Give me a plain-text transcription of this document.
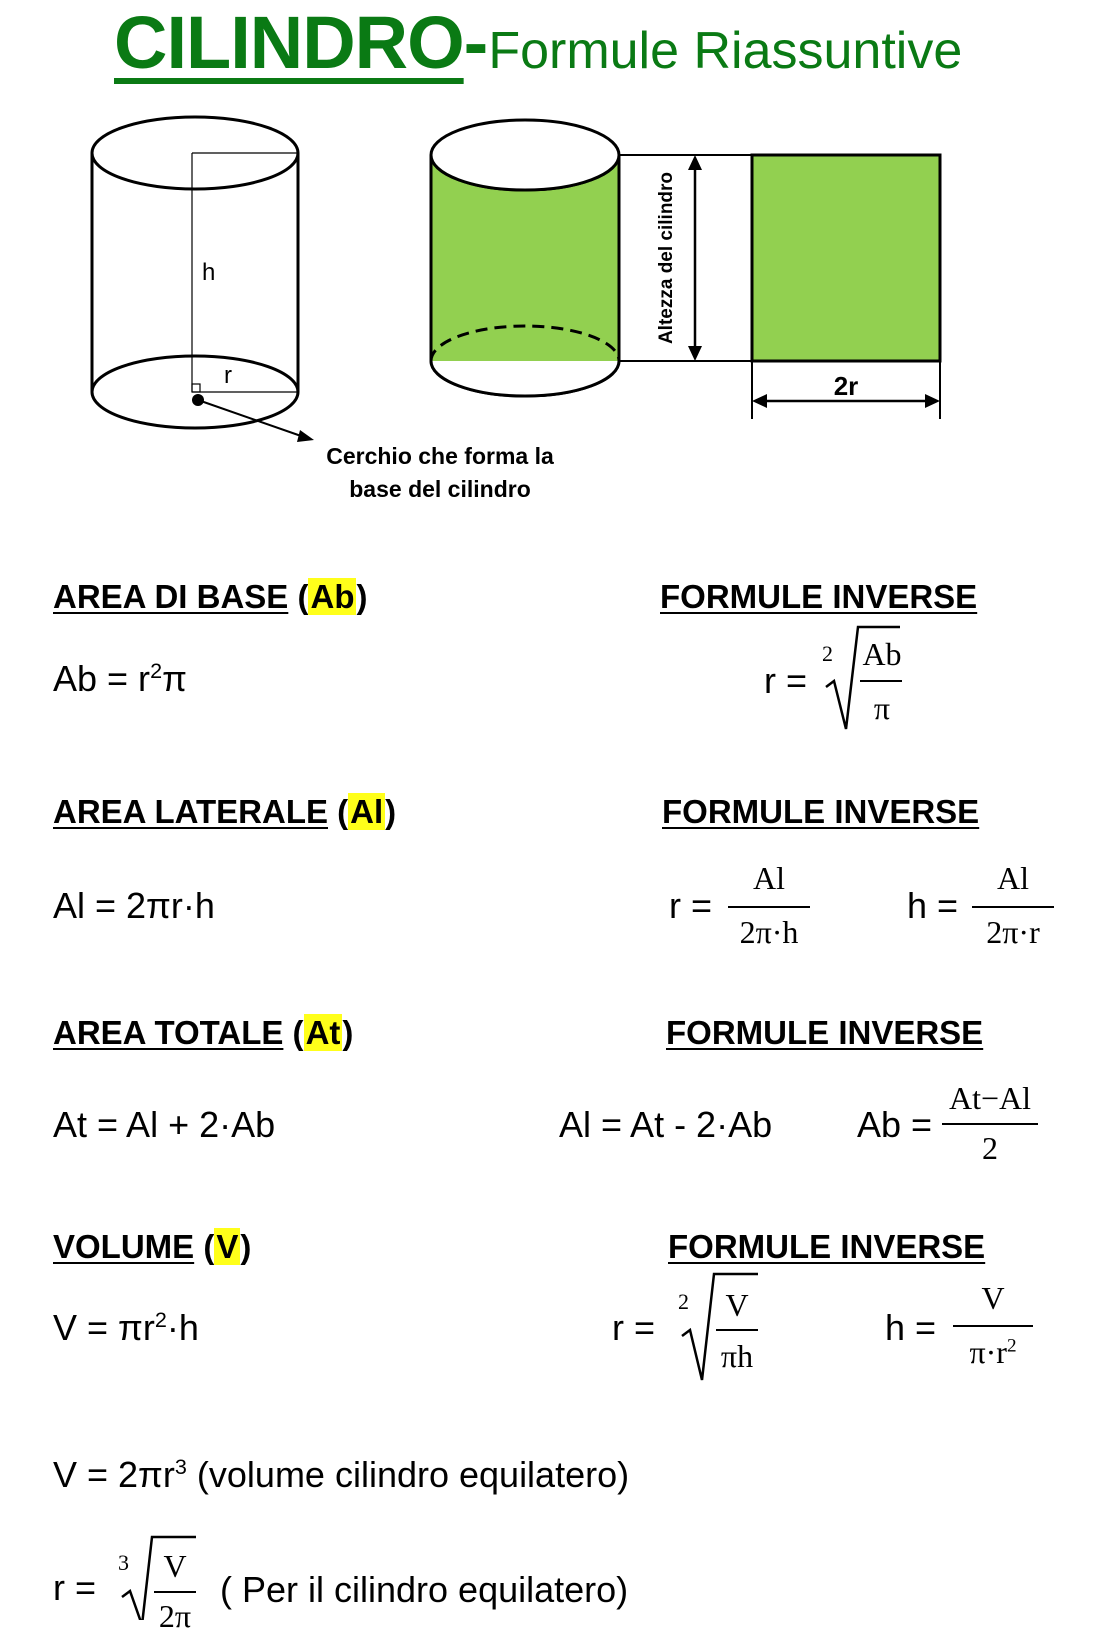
CILINDRO-Formule Riassuntive
h
r
Cerchio che forma la
base del cilindro
Altezza del cilindro
2r
AREA DI BASE (Ab)
$Ab = r^2\pi$
FORMULE INVERSE
r =
2 Ab
π
AREA LATERALE (Al)
Al = 2πr·h
FORMULE INVERSE
r =
Al
2π·h
h =
Al
2π·r
AREA TOTALE (At)
At = Al + 2·Ab
FORMULE INVERSE
Al = At - 2·Ab Ab =
At−Al
2
VOLUME (V)
$V = \pi r^2\cdot h$
FORMULE INVERSE
r =
2	V
πh
h =
V
$\pi\cdot r^2$
$V = 2\pi r^3$ (volume cilindro equilatero)
r =
3	V
2π
( Per il cilindro equilatero)
